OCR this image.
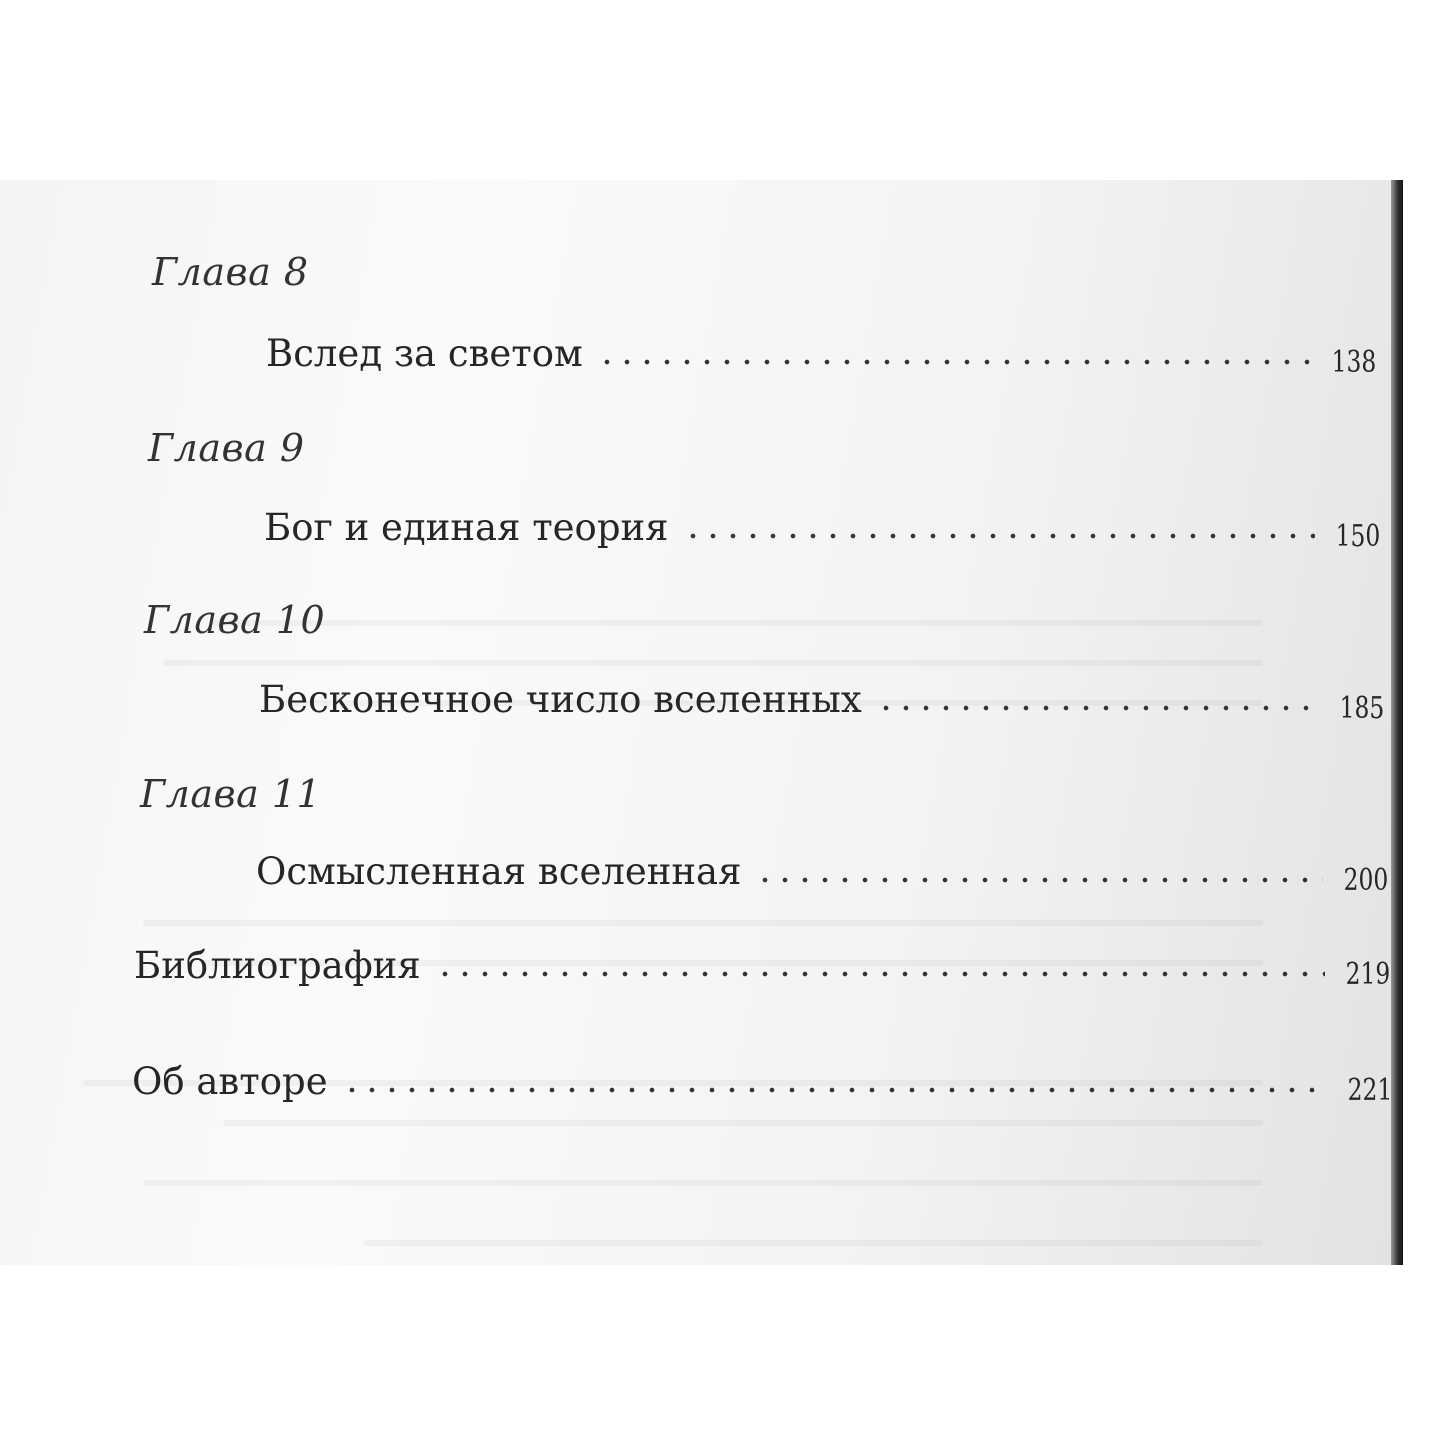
Глава 8
Вслед за светом	138
Глава 9
Бог и единая теория	150
Глава 10
Бесконечное число вселенных	185
Глава 11
Осмысленная вселенная	200
Библиография	219
Об авторе	221
